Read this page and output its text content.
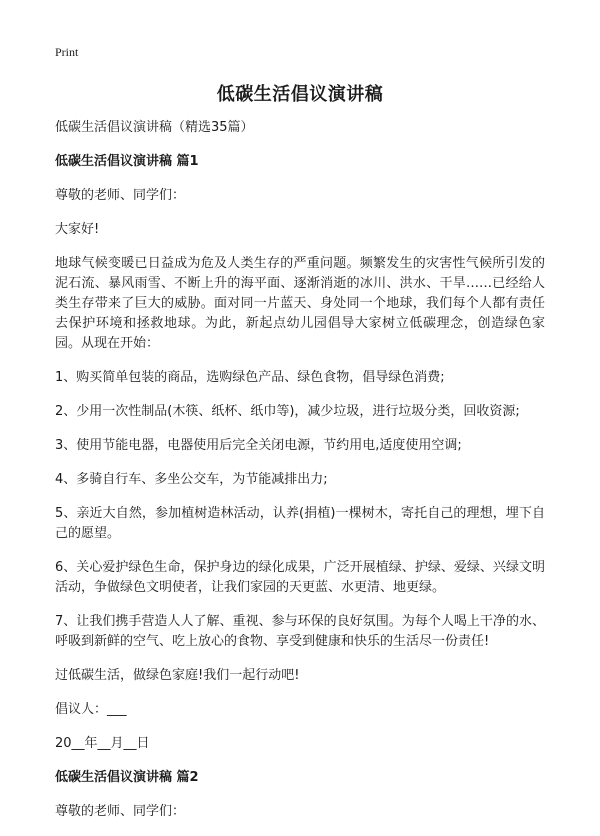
Print
低碳生活倡议演讲稿

低碳生活倡议演讲稿（精选35篇）

低碳生活倡议演讲稿 篇1

尊敬的老师、同学们：

大家好!

地球气候变暖已日益成为危及人类生存的严重问题。频繁发生的灾害性气候所引发的泥石流、暴风雨雪、不断上升的海平面、逐渐消逝的冰川、洪水、干旱……已经给人类生存带来了巨大的威胁。面对同一片蓝天、身处同一个地球，我们每个人都有责任去保护环境和拯救地球。为此，新起点幼儿园倡导大家树立低碳理念，创造绿色家园。从现在开始：

1、购买简单包装的商品，选购绿色产品、绿色食物，倡导绿色消费;

2、少用一次性制品(木筷、纸杯、纸巾等)，减少垃圾，进行垃圾分类，回收资源;

3、使用节能电器，电器使用后完全关闭电源，节约用电,适度使用空调;

4、多骑自行车、多坐公交车，为节能减排出力;

5、亲近大自然，参加植树造林活动，认养(捐植)一棵树木，寄托自己的理想，埋下自己的愿望。

6、关心爱护绿色生命，保护身边的绿化成果，广泛开展植绿、护绿、爱绿、兴绿文明活动，争做绿色文明使者，让我们家园的天更蓝、水更清、地更绿。

7、让我们携手营造人人了解、重视、参与环保的良好氛围。为每个人喝上干净的水、呼吸到新鲜的空气、吃上放心的食物、享受到健康和快乐的生活尽一份责任!

过低碳生活，做绿色家庭!我们一起行动吧!

倡议人：___

20__年__月__日

低碳生活倡议演讲稿 篇2

尊敬的老师、同学们：
